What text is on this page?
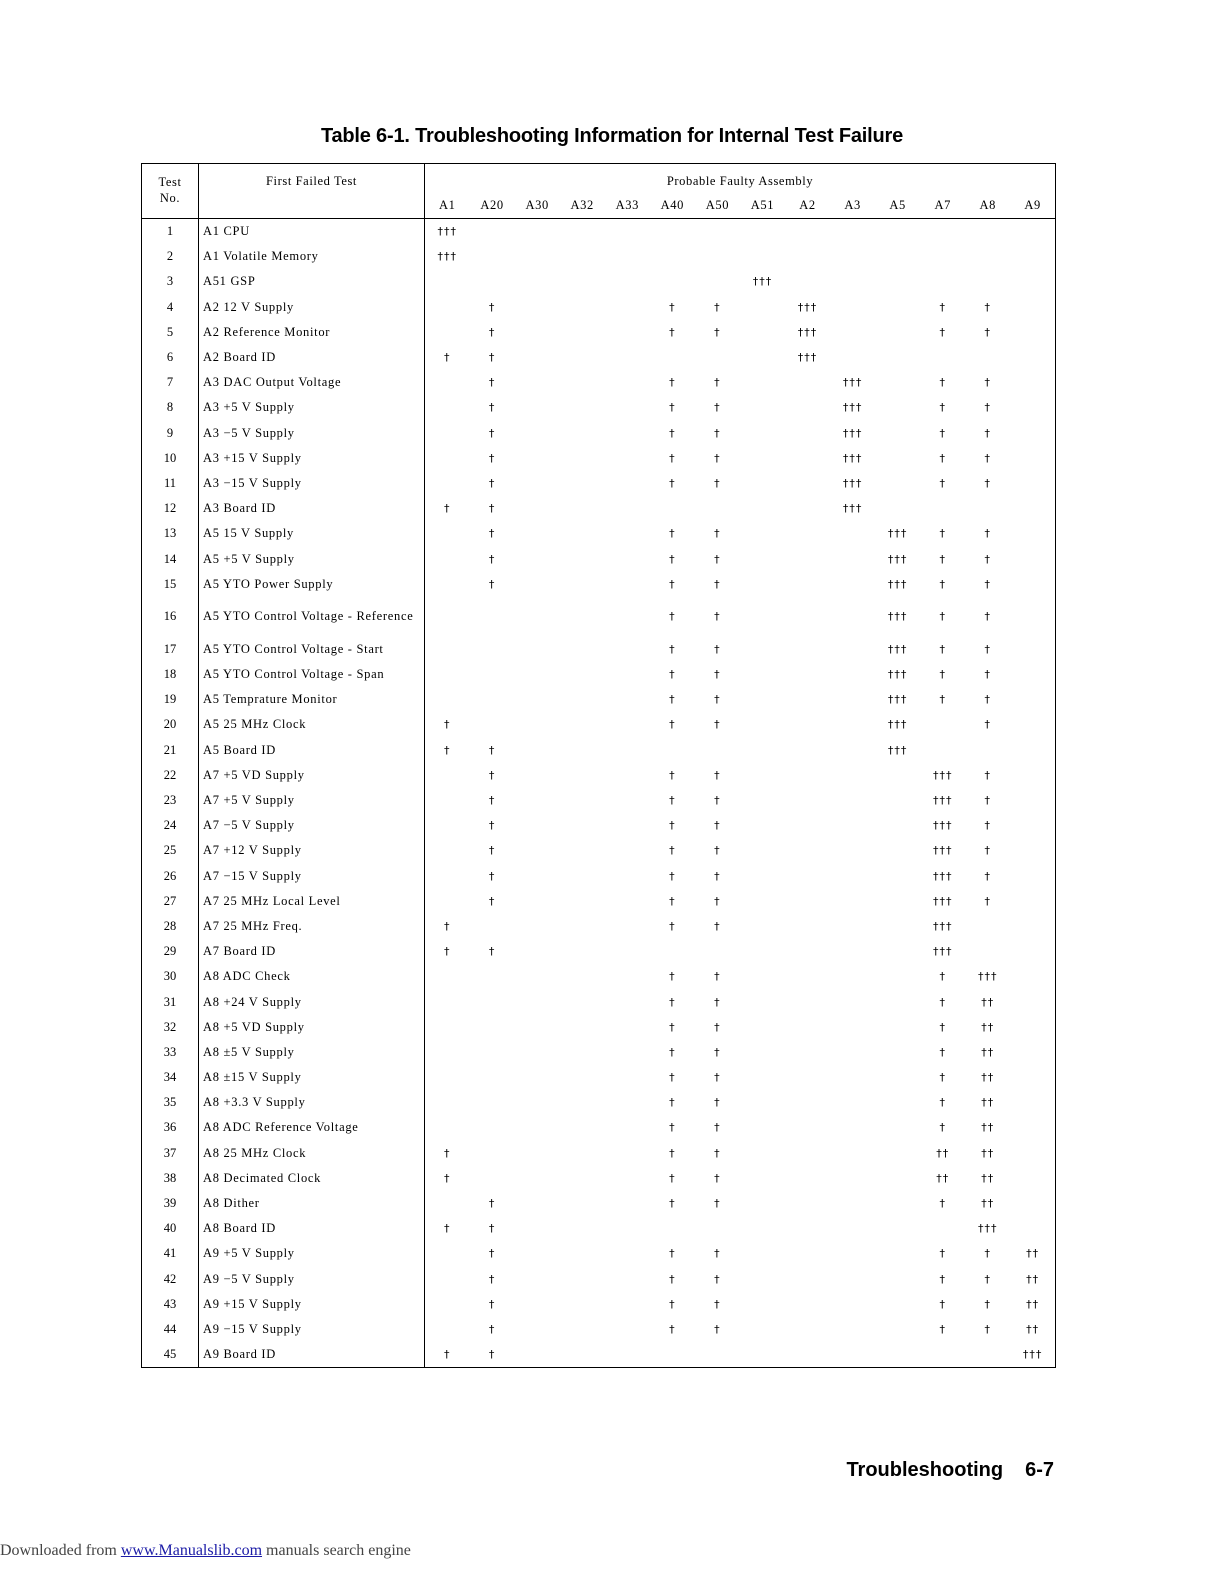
Table 6-1. Troubleshooting Information for Internal Test Failure
Test
No.	First Failed Test	Probable Faulty Assembly													
		A1	A20	A30	A32	A33	A40	A50	A51	A2	A3	A5	A7	A8	A9
1	A1 CPU	†††													
2	A1 Volatile Memory	†††													
3	A51 GSP								†††						
4	A2 12 V Supply		†				†	†		†††			†	†	
5	A2 Reference Monitor		†				†	†		†††			†	†	
6	A2 Board ID	†	†							†††					
7	A3 DAC Output Voltage		†				†	†			†††		†	†	
8	A3 +5 V Supply		†				†	†			†††		†	†	
9	A3 −5 V Supply		†				†	†			†††		†	†	
10	A3 +15 V Supply		†				†	†			†††		†	†	
11	A3 −15 V Supply		†				†	†			†††		†	†	
12	A3 Board ID	†	†								†††				
13	A5 15 V Supply		†				†	†				†††	†	†	
14	A5 +5 V Supply		†				†	†				†††	†	†	
15	A5 YTO Power Supply		†				†	†				†††	†	†	
16	A5 YTO Control Voltage - Reference						†	†				†††	†	†	
17	A5 YTO Control Voltage - Start						†	†				†††	†	†	
18	A5 YTO Control Voltage - Span						†	†				†††	†	†	
19	A5 Temprature Monitor						†	†				†††	†	†	
20	A5 25 MHz Clock	†					†	†				†††		†	
21	A5 Board ID	†	†									†††			
22	A7 +5 VD Supply		†				†	†					†††	†	
23	A7 +5 V Supply		†				†	†					†††	†	
24	A7 −5 V Supply		†				†	†					†††	†	
25	A7 +12 V Supply		†				†	†					†††	†	
26	A7 −15 V Supply		†				†	†					†††	†	
27	A7 25 MHz Local Level		†				†	†					†††	†	
28	A7 25 MHz Freq.	†					†	†					†††		
29	A7 Board ID	†	†										†††		
30	A8 ADC Check						†	†					†	†††	
31	A8 +24 V Supply						†	†					†	††	
32	A8 +5 VD Supply						†	†					†	††	
33	A8 ±5 V Supply						†	†					†	††	
34	A8 ±15 V Supply						†	†					†	††	
35	A8 +3.3 V Supply						†	†					†	††	
36	A8 ADC Reference Voltage						†	†					†	††	
37	A8 25 MHz Clock	†					†	†					††	††	
38	A8 Decimated Clock	†					†	†					††	††	
39	A8 Dither		†				†	†					†	††	
40	A8 Board ID	†	†											†††	
41	A9 +5 V Supply		†				†	†					†	†	††
42	A9 −5 V Supply		†				†	†					†	†	††
43	A9 +15 V Supply		†				†	†					†	†	††
44	A9 −15 V Supply		†				†	†					†	†	††
45	A9 Board ID	†	†												†††
Troubleshooting 6-7
Downloaded from www.Manualslib.com manuals search engine
